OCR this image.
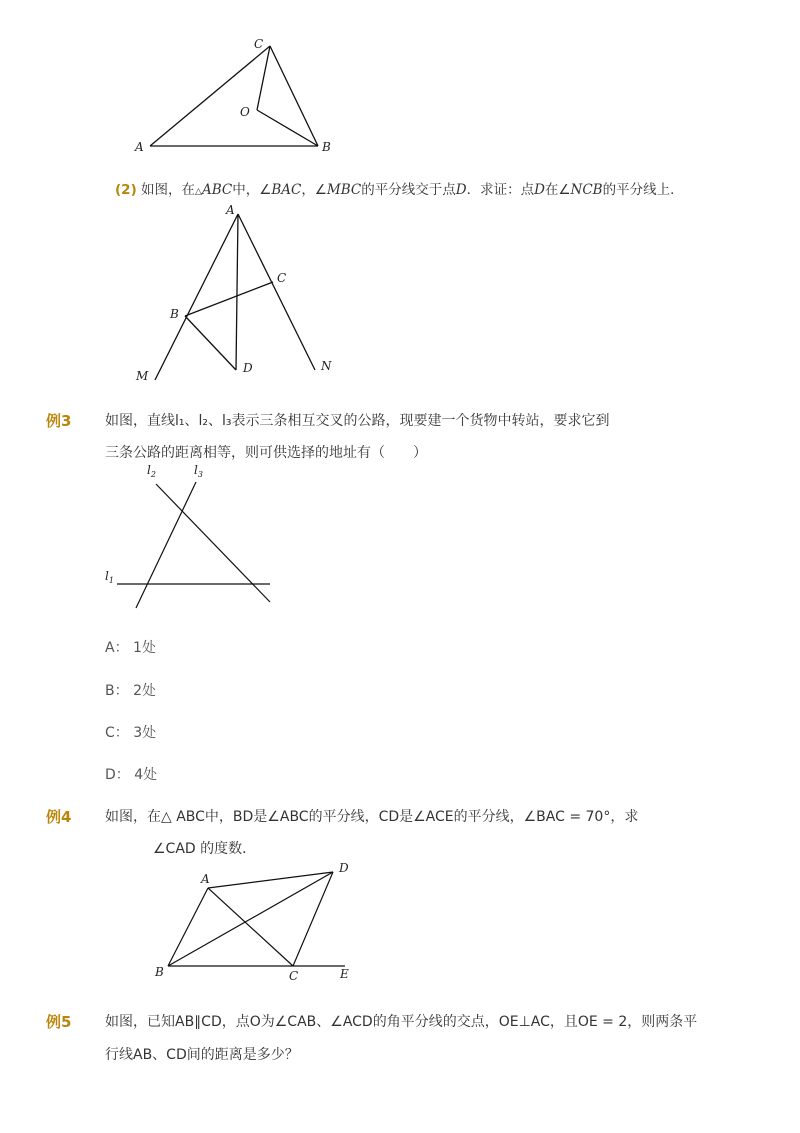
A	B
C
O
(2) 如图，在△ABC中，∠BAC，∠MBC的平分线交于点D．求证：点D在∠NCB的平分线上．
A
B
C
D
M
N
例3 如图，直线l₁、l₂、l₃表示三条相互交叉的公路，现要建一个货物中转站，要求它到
三条公路的距离相等，则可供选择的地址有（　　）
$l_1$
$l_2$	$l_3$
A： 1处
B： 2处
C： 3处
D： 4处
例4 如图，在△ ABC中，BD是∠ABC的平分线，CD是∠ACE的平分线，∠BAC = 70°，求
∠CAD 的度数．
A
B	C
D
E
例5 如图，已知AB∥CD，点O为∠CAB、∠ACD的角平分线的交点，OE⊥AC，且OE = 2，则两条平
行线AB、CD间的距离是多少？
